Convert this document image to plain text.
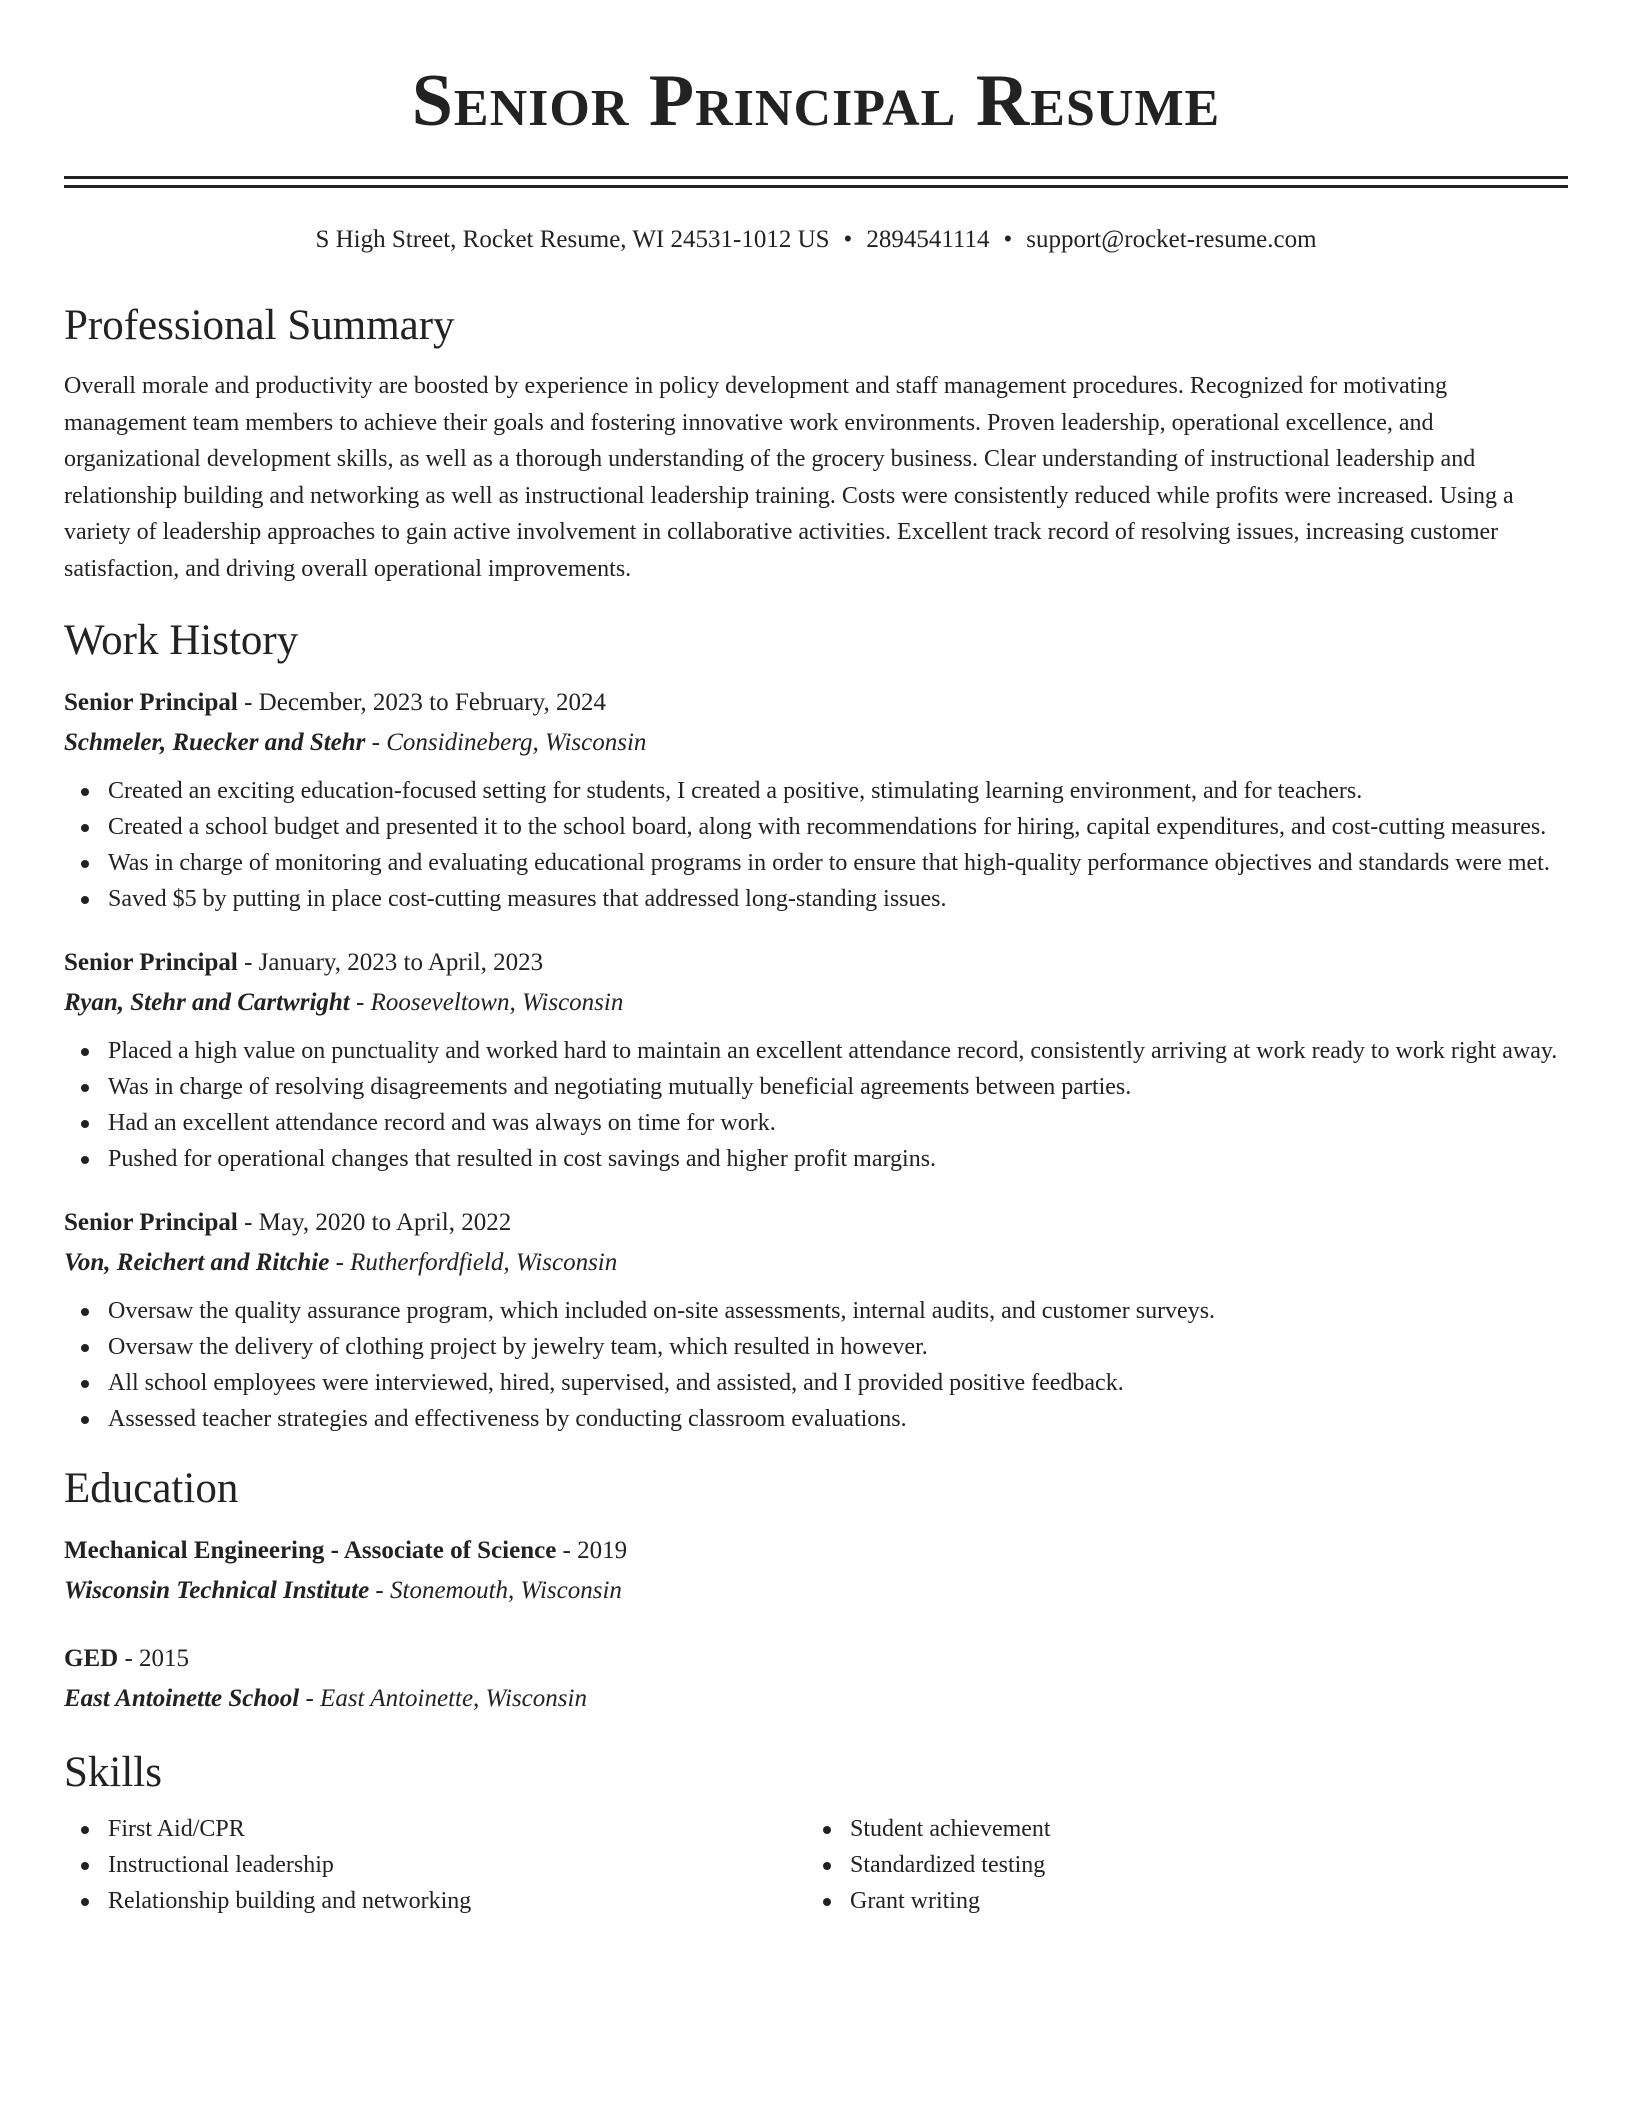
Senior Principal Resume
S High Street, Rocket Resume, WI 24531-1012 US • 2894541114 • support@rocket-resume.com
Professional Summary

Overall morale and productivity are boosted by experience in policy development and staff management procedures. Recognized for motivating management team members to achieve their goals and fostering innovative work environments. Proven leadership, operational excellence, and organizational development skills, as well as a thorough understanding of the grocery business. Clear understanding of instructional leadership and relationship building and networking as well as instructional leadership training. Costs were consistently reduced while profits were increased. Using a variety of leadership approaches to gain active involvement in collaborative activities. Excellent track record of resolving issues, increasing customer satisfaction, and driving overall operational improvements.

Work History
Senior Principal - December, 2023 to February, 2024
Schmeler, Ruecker and Stehr - Considineberg, Wisconsin
Created an exciting education-focused setting for students, I created a positive, stimulating learning environment, and for teachers.
Created a school budget and presented it to the school board, along with recommendations for hiring, capital expenditures, and cost-cutting measures.
Was in charge of monitoring and evaluating educational programs in order to ensure that high-quality performance objectives and standards were met.
Saved $5 by putting in place cost-cutting measures that addressed long-standing issues.
Senior Principal - January, 2023 to April, 2023
Ryan, Stehr and Cartwright - Rooseveltown, Wisconsin
Placed a high value on punctuality and worked hard to maintain an excellent attendance record, consistently arriving at work ready to work right away.
Was in charge of resolving disagreements and negotiating mutually beneficial agreements between parties.
Had an excellent attendance record and was always on time for work.
Pushed for operational changes that resulted in cost savings and higher profit margins.
Senior Principal - May, 2020 to April, 2022
Von, Reichert and Ritchie - Rutherfordfield, Wisconsin
Oversaw the quality assurance program, which included on-site assessments, internal audits, and customer surveys.
Oversaw the delivery of clothing project by jewelry team, which resulted in however.
All school employees were interviewed, hired, supervised, and assisted, and I provided positive feedback.
Assessed teacher strategies and effectiveness by conducting classroom evaluations.
Education
Mechanical Engineering - Associate of Science - 2019
Wisconsin Technical Institute - Stonemouth, Wisconsin
GED - 2015
East Antoinette School - East Antoinette, Wisconsin
Skills
First Aid/CPR
Instructional leadership
Relationship building and networking
Student achievement
Standardized testing
Grant writing
